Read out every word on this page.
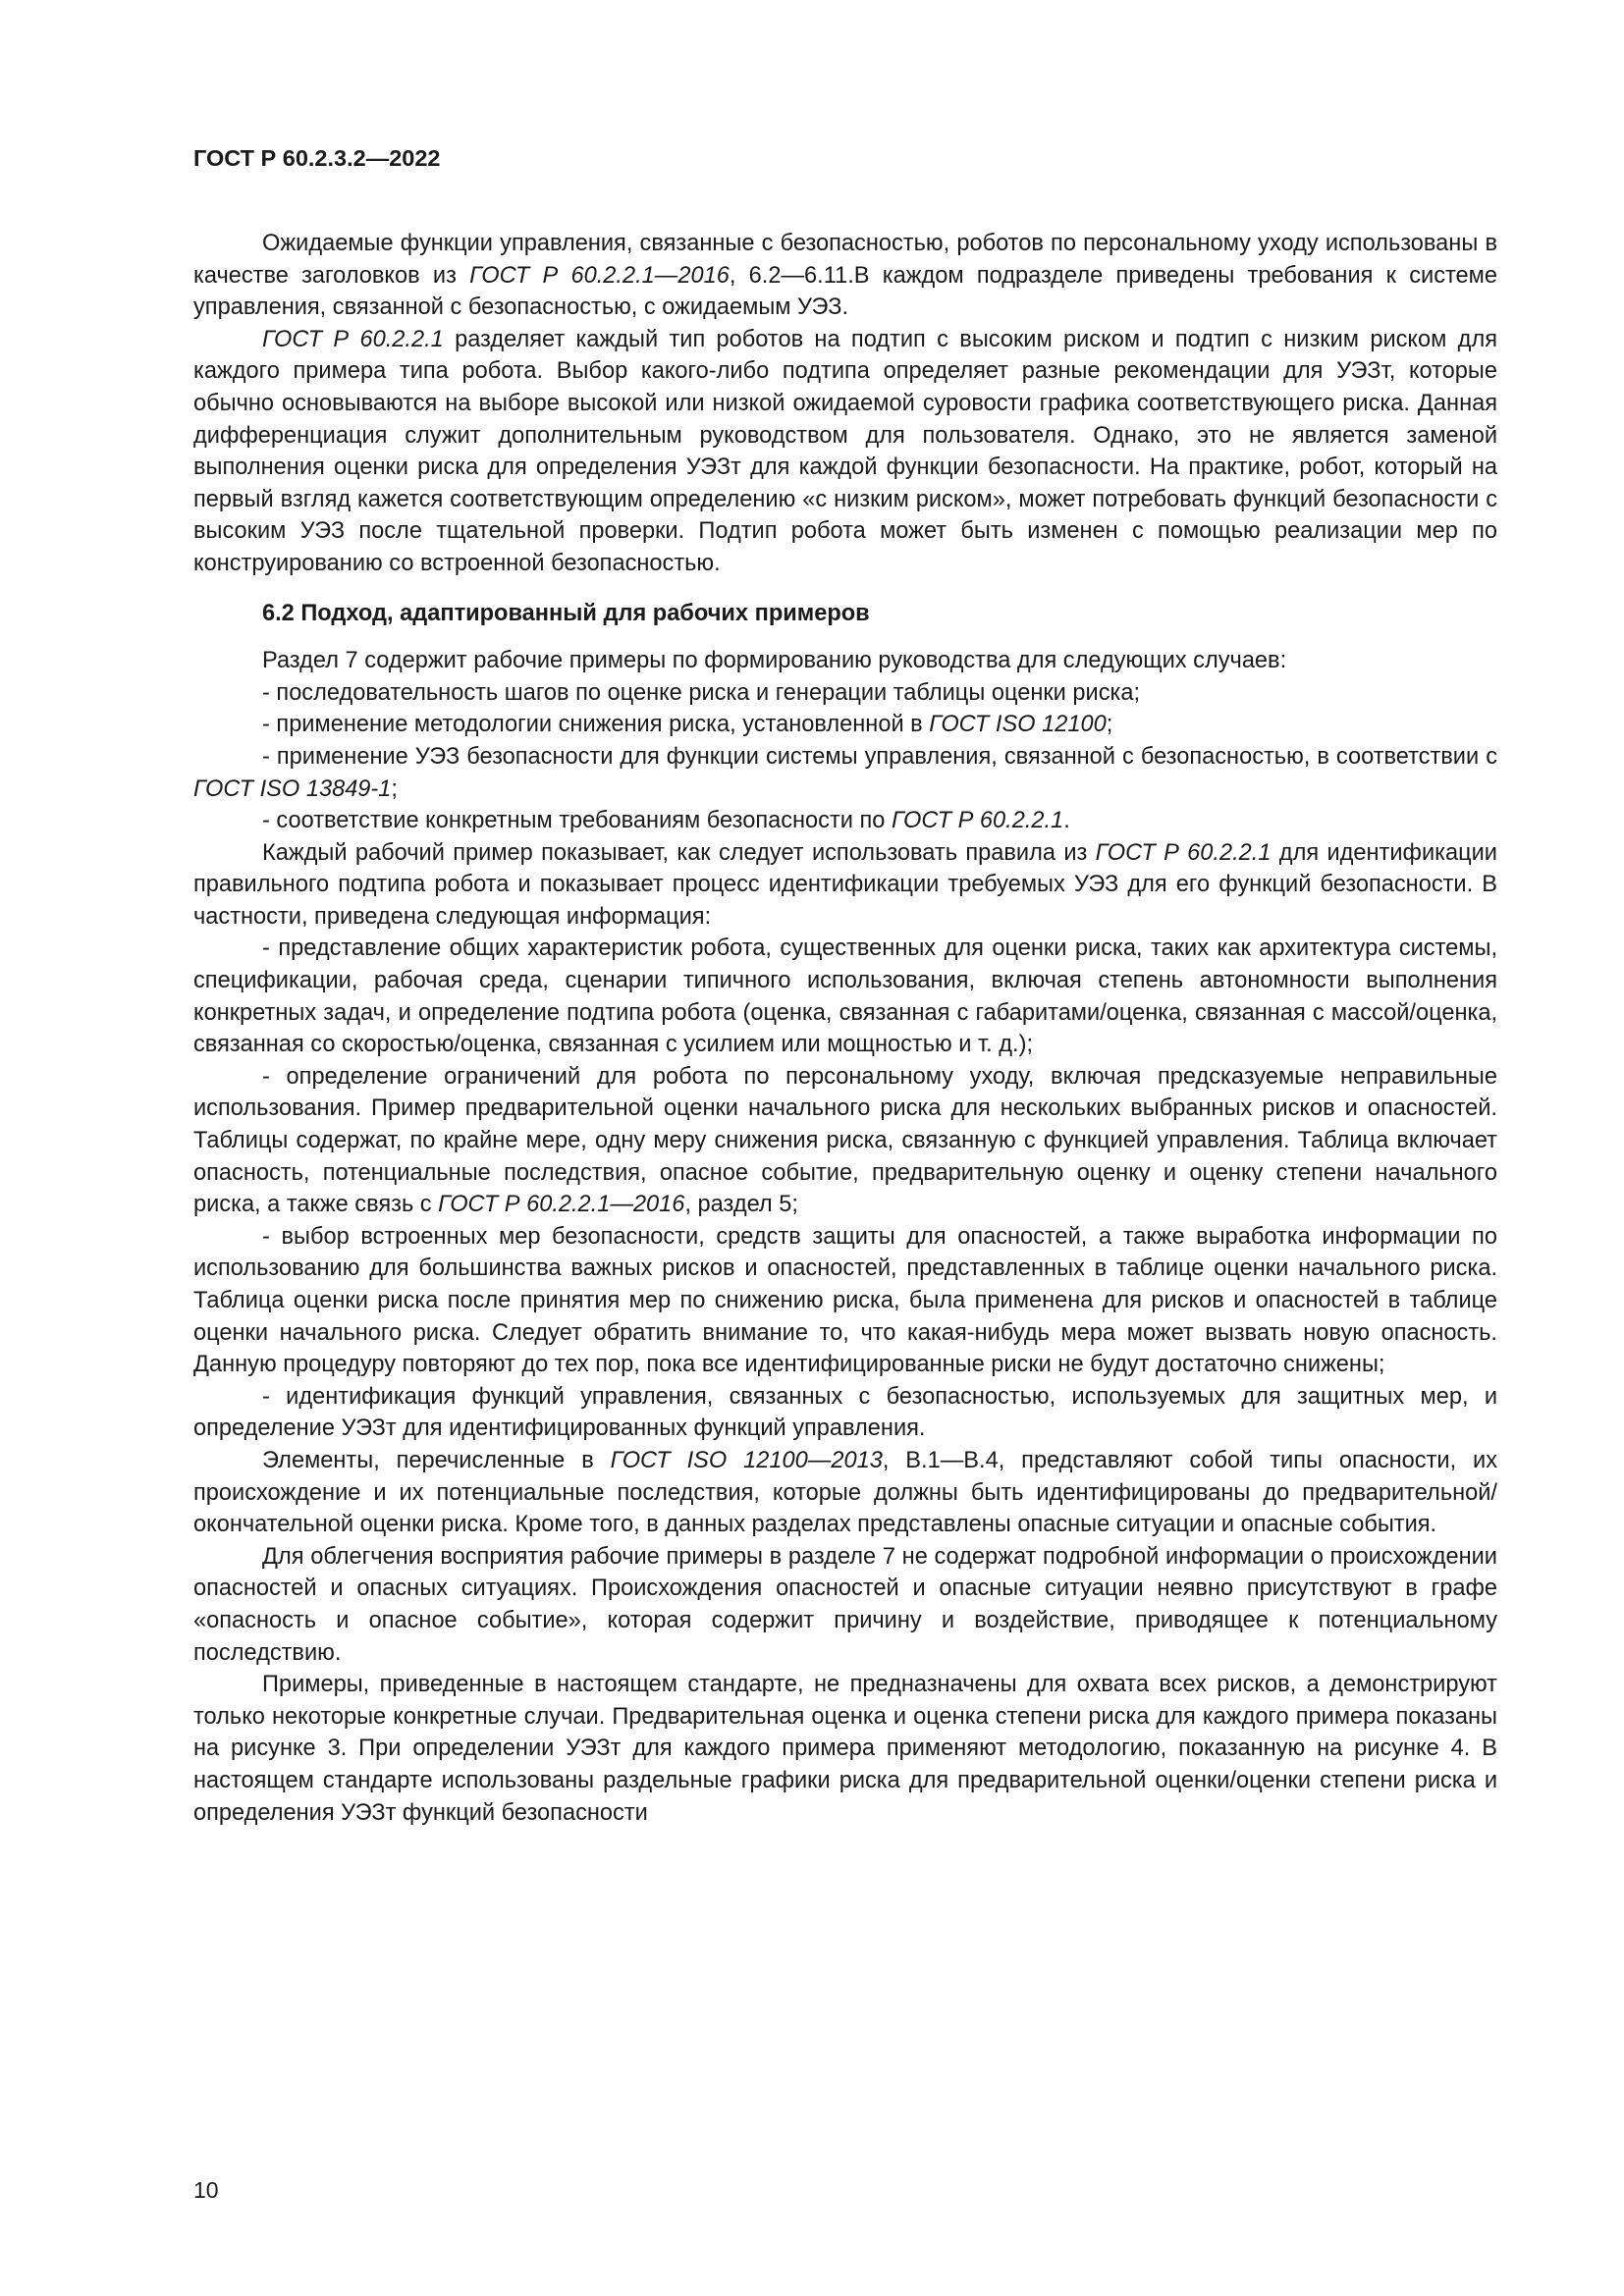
ГОСТ Р 60.2.3.2—2022

Ожидаемые функции управления, связанные с безопасностью, роботов по персональному уходу использованы в качестве заголовков из ГОСТ Р 60.2.2.1—2016, 6.2—6.11.В каждом подразделе приведены требования к системе управления, связанной с безопасностью, с ожидаемым УЭЗ.

ГОСТ Р 60.2.2.1 разделяет каждый тип роботов на подтип с высоким риском и подтип с низким риском для каждого примера типа робота. Выбор какого-либо подтипа определяет разные рекомендации для УЭЗт, которые обычно основываются на выборе высокой или низкой ожидаемой суровости графика соответствующего риска. Данная дифференциация служит дополнительным руководством для пользователя. Однако, это не является заменой выполнения оценки риска для определения УЭЗт для каждой функции безопасности. На практике, робот, который на первый взгляд кажется соответствующим определению «с низким риском», может потребовать функций безопасности с высоким УЭЗ после тщательной проверки. Подтип робота может быть изменен с помощью реализации мер по конструированию со встроенной безопасностью.

6.2 Подход, адаптированный для рабочих примеров

Раздел 7 содержит рабочие примеры по формированию руководства для следующих случаев:

- последовательность шагов по оценке риска и генерации таблицы оценки риска;

- применение методологии снижения риска, установленной в ГОСТ ISO 12100;

- применение УЭЗ безопасности для функции системы управления, связанной с безопасностью, в соответствии с ГОСТ ISO 13849-1;

- соответствие конкретным требованиям безопасности по ГОСТ Р 60.2.2.1.

Каждый рабочий пример показывает, как следует использовать правила из ГОСТ Р 60.2.2.1 для идентификации правильного подтипа робота и показывает процесс идентификации требуемых УЭЗ для его функций безопасности. В частности, приведена следующая информация:

- представление общих характеристик робота, существенных для оценки риска, таких как архитектура системы, спецификации, рабочая среда, сценарии типичного использования, включая степень автономности выполнения конкретных задач, и определение подтипа робота (оценка, связанная с габаритами/оценка, связанная с массой/оценка, связанная со скоростью/оценка, связанная с усилием или мощностью и т. д.);

- определение ограничений для робота по персональному уходу, включая предсказуемые неправильные использования. Пример предварительной оценки начального риска для нескольких выбранных рисков и опасностей. Таблицы содержат, по крайне мере, одну меру снижения риска, связанную с функцией управления. Таблица включает опасность, потенциальные последствия, опасное событие, предварительную оценку и оценку степени начального риска, а также связь с ГОСТ Р 60.2.2.1—2016, раздел 5;

- выбор встроенных мер безопасности, средств защиты для опасностей, а также выработка информации по использованию для большинства важных рисков и опасностей, представленных в таблице оценки начального риска. Таблица оценки риска после принятия мер по снижению риска, была применена для рисков и опасностей в таблице оценки начального риска. Следует обратить внимание то, что какая-нибудь мера может вызвать новую опасность. Данную процедуру повторяют до тех пор, пока все идентифицированные риски не будут достаточно снижены;

- идентификация функций управления, связанных с безопасностью, используемых для защитных мер, и определение УЭЗт для идентифицированных функций управления.

Элементы, перечисленные в ГОСТ ISO 12100—2013, В.1—В.4, представляют собой типы опасности, их происхождение и их потенциальные последствия, которые должны быть идентифицированы до предварительной/окончательной оценки риска. Кроме того, в данных разделах представлены опасные ситуации и опасные события.

Для облегчения восприятия рабочие примеры в разделе 7 не содержат подробной информации о происхождении опасностей и опасных ситуациях. Происхождения опасностей и опасные ситуации неявно присутствуют в графе «опасность и опасное событие», которая содержит причину и воздействие, приводящее к потенциальному последствию.

Примеры, приведенные в настоящем стандарте, не предназначены для охвата всех рисков, а демонстрируют только некоторые конкретные случаи. Предварительная оценка и оценка степени риска для каждого примера показаны на рисунке 3. При определении УЭЗт для каждого примера применяют методологию, показанную на рисунке 4. В настоящем стандарте использованы раздельные графики риска для предварительной оценки/оценки степени риска и определения УЭЗт функций безопасности

10
